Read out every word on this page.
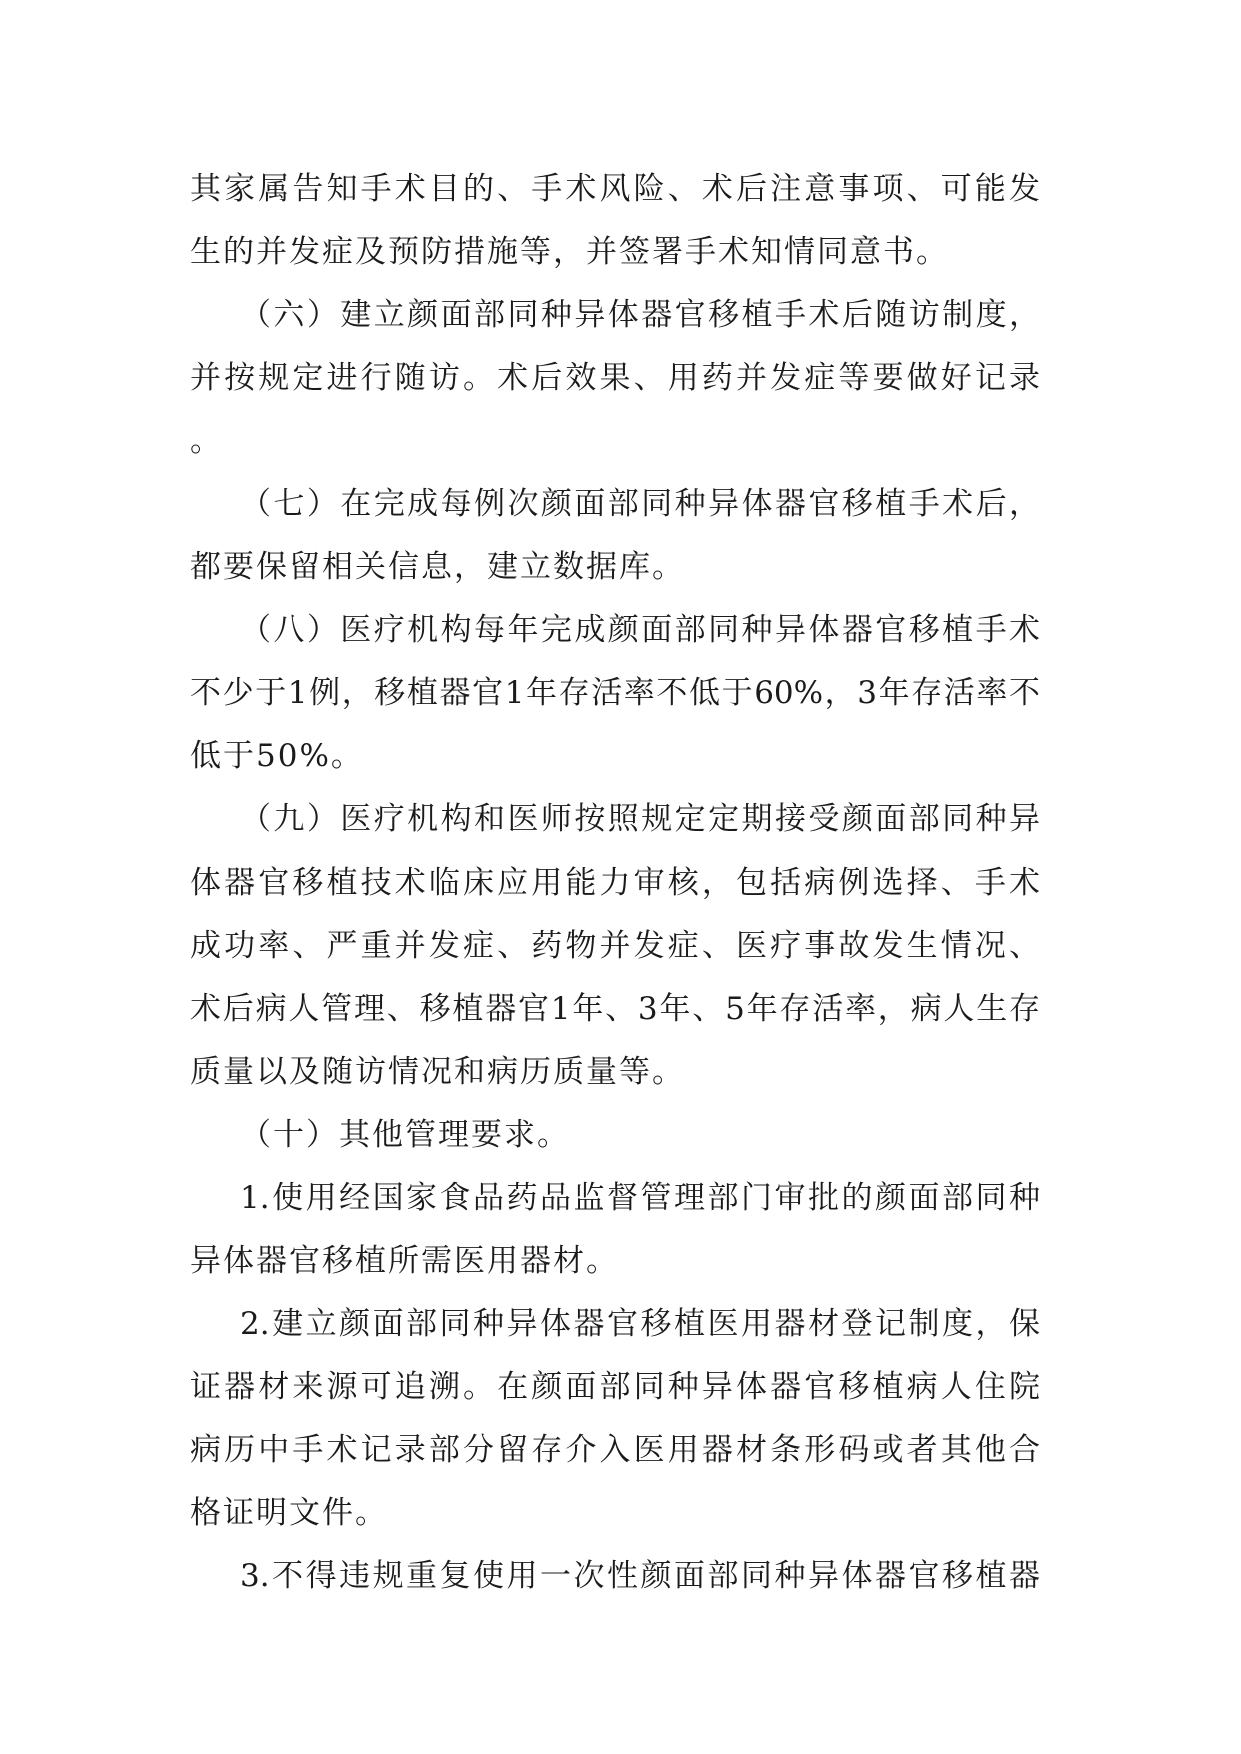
其家属告知手术目的、手术风险、术后注意事项、可能发
生的并发症及预防措施等，并签署手术知情同意书。
（六）建立颜面部同种异体器官移植手术后随访制度，
并按规定进行随访。术后效果、用药并发症等要做好记录
。
（七）在完成每例次颜面部同种异体器官移植手术后，
都要保留相关信息，建立数据库。
（八）医疗机构每年完成颜面部同种异体器官移植手术
不少于1例，移植器官1年存活率不低于60%，3年存活率不
低于50%。
（九）医疗机构和医师按照规定定期接受颜面部同种异
体器官移植技术临床应用能力审核，包括病例选择、手术
成功率、严重并发症、药物并发症、医疗事故发生情况、
术后病人管理、移植器官1年、3年、5年存活率，病人生存
质量以及随访情况和病历质量等。
（十）其他管理要求。
1.使用经国家食品药品监督管理部门审批的颜面部同种
异体器官移植所需医用器材。
2.建立颜面部同种异体器官移植医用器材登记制度，保
证器材来源可追溯。在颜面部同种异体器官移植病人住院
病历中手术记录部分留存介入医用器材条形码或者其他合
格证明文件。
3.不得违规重复使用一次性颜面部同种异体器官移植器
